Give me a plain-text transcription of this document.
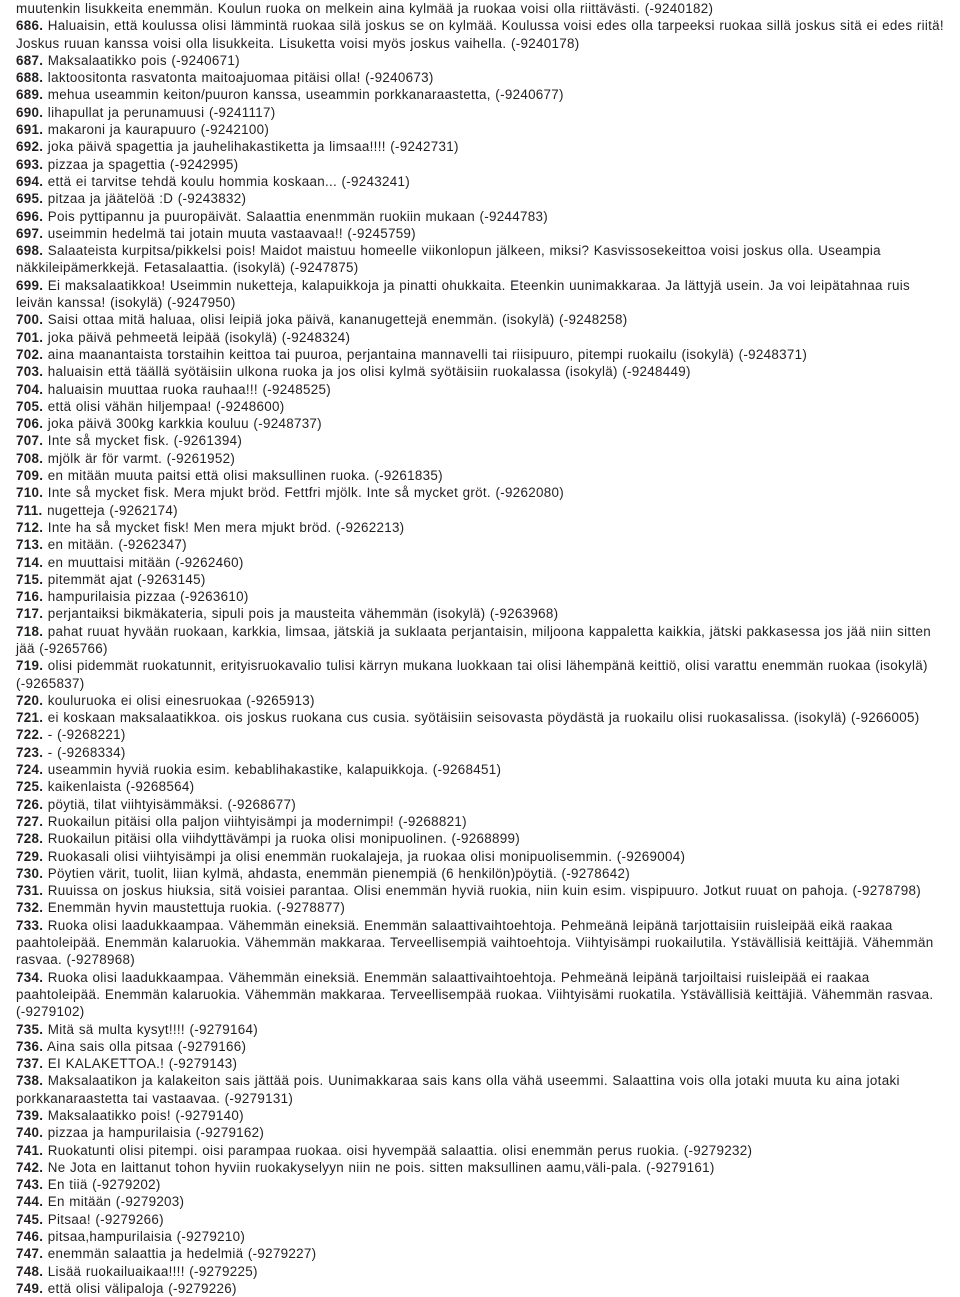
muutenkin lisukkeita enemmän. Koulun ruoka on melkein aina kylmää ja ruokaa voisi olla riittävästi. (-9240182)

686. Haluaisin, että koulussa olisi lämmintä ruokaa silä joskus se on kylmää. Koulussa voisi edes olla tarpeeksi ruokaa sillä joskus sitä ei edes riitä! Joskus ruuan kanssa voisi olla lisukkeita. Lisuketta voisi myös joskus vaihella. (-9240178)

687. Maksalaatikko pois (-9240671)

688. laktoositonta rasvatonta maitoajuomaa pitäisi olla! (-9240673)

689. mehua useammin keiton/puuron kanssa, useammin porkkanaraastetta, (-9240677)

690. lihapullat ja perunamuusi (-9241117)

691. makaroni ja kaurapuuro (-9242100)

692. joka päivä spagettia ja jauhelihakastiketta ja limsaa!!!! (-9242731)

693. pizzaa ja spagettia (-9242995)

694. että ei tarvitse tehdä koulu hommia koskaan... (-9243241)

695. pitzaa ja jäätelöä :D (-9243832)

696. Pois pyttipannu ja puuropäivät. Salaattia enenmmän ruokiin mukaan (-9244783)

697. useimmin hedelmä tai jotain muuta vastaavaa!! (-9245759)

698. Salaateista kurpitsa/pikkelsi pois! Maidot maistuu homeelle viikonlopun jälkeen, miksi? Kasvissosekeittoa voisi joskus olla. Useampia näkkileipämerkkejä. Fetasalaattia. (isokylä) (-9247875)

699. Ei maksalaatikkoa! Useimmin nuketteja, kalapuikkoja ja pinatti ohukkaita. Eteenkin uunimakkaraa. Ja lättyjä usein. Ja voi leipätahnaa ruis leivän kanssa! (isokylä) (-9247950)

700. Saisi ottaa mitä haluaa, olisi leipiä joka päivä, kananugettejä enemmän. (isokylä) (-9248258)

701. joka päivä pehmeetä leipää (isokylä) (-9248324)

702. aina maanantaista torstaihin keittoa tai puuroa, perjantaina mannavelli tai riisipuuro, pitempi ruokailu (isokylä) (-9248371)

703. haluaisin että täällä syötäisiin ulkona ruoka ja jos olisi kylmä syötäisiin ruokalassa (isokylä) (-9248449)

704. haluaisin muuttaa ruoka rauhaa!!! (-9248525)

705. että olisi vähän hiljempaa! (-9248600)

706. joka päivä 300kg karkkia kouluu (-9248737)

707. Inte så mycket fisk. (-9261394)

708. mjölk är för varmt. (-9261952)

709. en mitään muuta paitsi että olisi maksullinen ruoka. (-9261835)

710. Inte så mycket fisk. Mera mjukt bröd. Fettfri mjölk. Inte så mycket gröt. (-9262080)

711. nugetteja (-9262174)

712. Inte ha så mycket fisk! Men mera mjukt bröd. (-9262213)

713. en mitään. (-9262347)

714. en muuttaisi mitään (-9262460)

715. pitemmät ajat (-9263145)

716. hampurilaisia pizzaa (-9263610)

717. perjantaiksi bikmäkateria, sipuli pois ja mausteita vähemmän (isokylä) (-9263968)

718. pahat ruuat hyvään ruokaan, karkkia, limsaa, jätskiä ja suklaata perjantaisin, miljoona kappaletta kaikkia, jätski pakkasessa jos jää niin sitten jää (-9265766)

719. olisi pidemmät ruokatunnit, erityisruokavalio tulisi kärryn mukana luokkaan tai olisi lähempänä keittiö, olisi varattu enemmän ruokaa (isokylä) (-9265837)

720. kouluruoka ei olisi einesruokaa (-9265913)

721. ei koskaan maksalaatikkoa. ois joskus ruokana cus cusia. syötäisiin seisovasta pöydästä ja ruokailu olisi ruokasalissa. (isokylä) (-9266005)

722. - (-9268221)

723. - (-9268334)

724. useammin hyviä ruokia esim. kebablihakastike, kalapuikkoja. (-9268451)

725. kaikenlaista (-9268564)

726. pöytiä, tilat viihtyisämmäksi. (-9268677)

727. Ruokailun pitäisi olla paljon viihtyisämpi ja modernimpi! (-9268821)

728. Ruokailun pitäisi olla viihdyttävämpi ja ruoka olisi monipuolinen. (-9268899)

729. Ruokasali olisi viihtyisämpi ja olisi enemmän ruokalajeja, ja ruokaa olisi monipuolisemmin. (-9269004)

730. Pöytien värit, tuolit, liian kylmä, ahdasta, enemmän pienempiä (6 henkilön)pöytiä. (-9278642)

731. Ruuissa on joskus hiuksia, sitä voisiei parantaa. Olisi enemmän hyviä ruokia, niin kuin esim. vispipuuro. Jotkut ruuat on pahoja. (-9278798)

732. Enemmän hyvin maustettuja ruokia. (-9278877)

733. Ruoka olisi laadukkaampaa. Vähemmän eineksiä. Enemmän salaattivaihtoehtoja. Pehmeänä leipänä tarjottaisiin ruisleipää eikä raakaa paahtoleipää. Enemmän kalaruokia. Vähemmän makkaraa. Terveellisempiä vaihtoehtoja. Viihtyisämpi ruokailutila. Ystävällisiä keittäjiä. Vähemmän rasvaa. (-9278968)

734. Ruoka olisi laadukkaampaa. Vähemmän eineksiä. Enemmän salaattivaihtoehtoja. Pehmeänä leipänä tarjoiltaisi ruisleipää ei raakaa paahtoleipää. Enemmän kalaruokia. Vähemmän makkaraa. Terveellisempää ruokaa. Viihtyisämi ruokatila. Ystävällisiä keittäjiä. Vähemmän rasvaa. (-9279102)

735. Mitä sä multa kysyt!!!! (-9279164)

736. Aina sais olla pitsaa (-9279166)

737. EI KALAKETTOA.! (-9279143)

738. Maksalaatikon ja kalakeiton sais jättää pois. Uunimakkaraa sais kans olla vähä useemmi. Salaattina vois olla jotaki muuta ku aina jotaki porkkanaraastetta tai vastaavaa. (-9279131)

739. Maksalaatikko pois! (-9279140)

740. pizzaa ja hampurilaisia (-9279162)

741. Ruokatunti olisi pitempi. oisi parampaa ruokaa. oisi hyvempää salaattia. olisi enemmän perus ruokia. (-9279232)

742. Ne Jota en laittanut tohon hyviin ruokakyselyyn niin ne pois. sitten maksullinen aamu,väli-pala. (-9279161)

743. En tiiä (-9279202)

744. En mitään (-9279203)

745. Pitsaa! (-9279266)

746. pitsaa,hampurilaisia (-9279210)

747. enemmän salaattia ja hedelmiä (-9279227)

748. Lisää ruokailuaikaa!!!! (-9279225)

749. että olisi välipaloja (-9279226)
